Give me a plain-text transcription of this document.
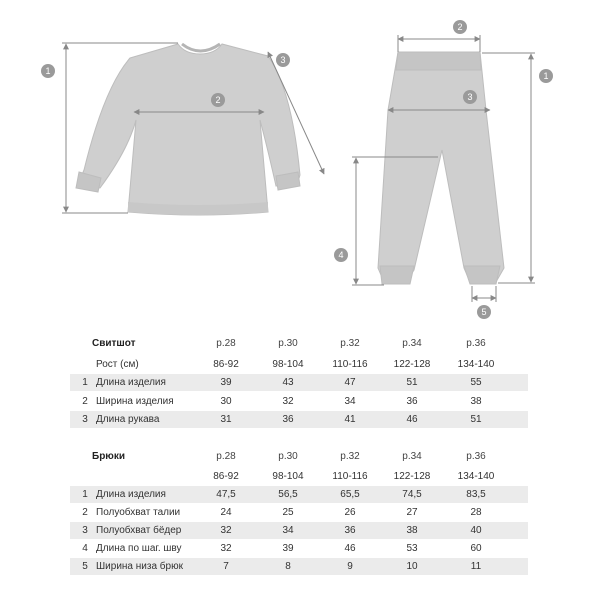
1
2
3
1
2
3
4
5
Свитшот	р.28	р.30	р.32	р.34	р.36
Рост (см)	86-92	98-104	110-116	122-128	134-140
1 Длина изделия	39	43	47	51	55
2 Ширина изделия	30	32	34	36	38
3 Длина рукава	31	36	41	46	51
Брюки	р.28	р.30	р.32	р.34	р.36
86-92	98-104	110-116	122-128	134-140
1 Длина изделия	47,5	56,5	65,5	74,5	83,5
2 Полуобхват талии	24	25	26	27	28
3 Полуобхват бёдер	32	34	36	38	40
4 Длина по шаг. шву	32	39	46	53	60
5 Ширина низа брюк	7	8	9	10	11
